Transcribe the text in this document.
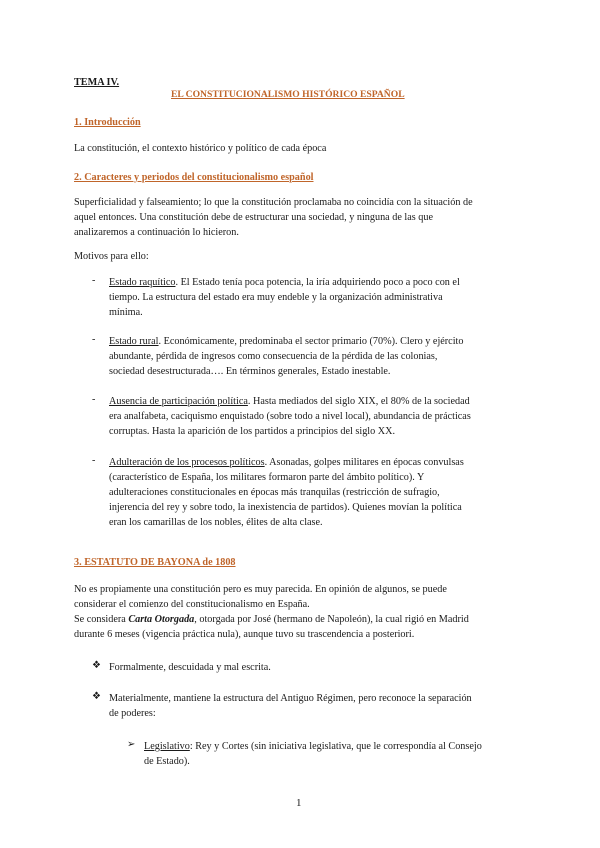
TEMA IV.
EL CONSTITUCIONALISMO HISTÓRICO ESPAÑOL
1. Introducción
La constitución, el contexto histórico y político de cada época
2. Caracteres y periodos del constitucionalismo español
Superficialidad y falseamiento; lo que la constitución proclamaba no coincidía con la situación de
aquel entonces. Una constitución debe de estructurar una sociedad, y ninguna de las que
analizaremos a continuación lo hicieron.
Motivos para ello:
- Estado raquítico. El Estado tenía poca potencia, la iría adquiriendo poco a poco con el
tiempo. La estructura del estado era muy endeble y la organización administrativa
mínima.
- Estado rural. Económicamente, predominaba el sector primario (70%). Clero y ejército
abundante, pérdida de ingresos como consecuencia de la pérdida de las colonias,
sociedad desestructurada…. En términos generales, Estado inestable.
- Ausencia de participación política. Hasta mediados del siglo XIX, el 80% de la sociedad
era analfabeta, caciquismo enquistado (sobre todo a nivel local), abundancia de prácticas
corruptas. Hasta la aparición de los partidos a principios del siglo XX.
- Adulteración de los procesos políticos. Asonadas, golpes militares en épocas convulsas
(característico de España, los militares formaron parte del ámbito político). Y
adulteraciones constitucionales en épocas más tranquilas (restricción de sufragio,
injerencia del rey y sobre todo, la inexistencia de partidos). Quienes movían la política
eran los camarillas de los nobles, élites de alta clase.
3. ESTATUTO DE BAYONA de 1808
No es propiamente una constitución pero es muy parecida. En opinión de algunos, se puede
considerar el comienzo del constitucionalismo en España.
Se considera Carta Otorgada, otorgada por José (hermano de Napoleón), la cual rigió en Madrid
durante 6 meses (vigencia práctica nula), aunque tuvo su trascendencia a posteriori.
❖ Formalmente, descuidada y mal escrita.
❖ Materialmente, mantiene la estructura del Antiguo Régimen, pero reconoce la separación
de poderes:
➢ Legislativo: Rey y Cortes (sin iniciativa legislativa, que le correspondía al Consejo
de Estado).
1
